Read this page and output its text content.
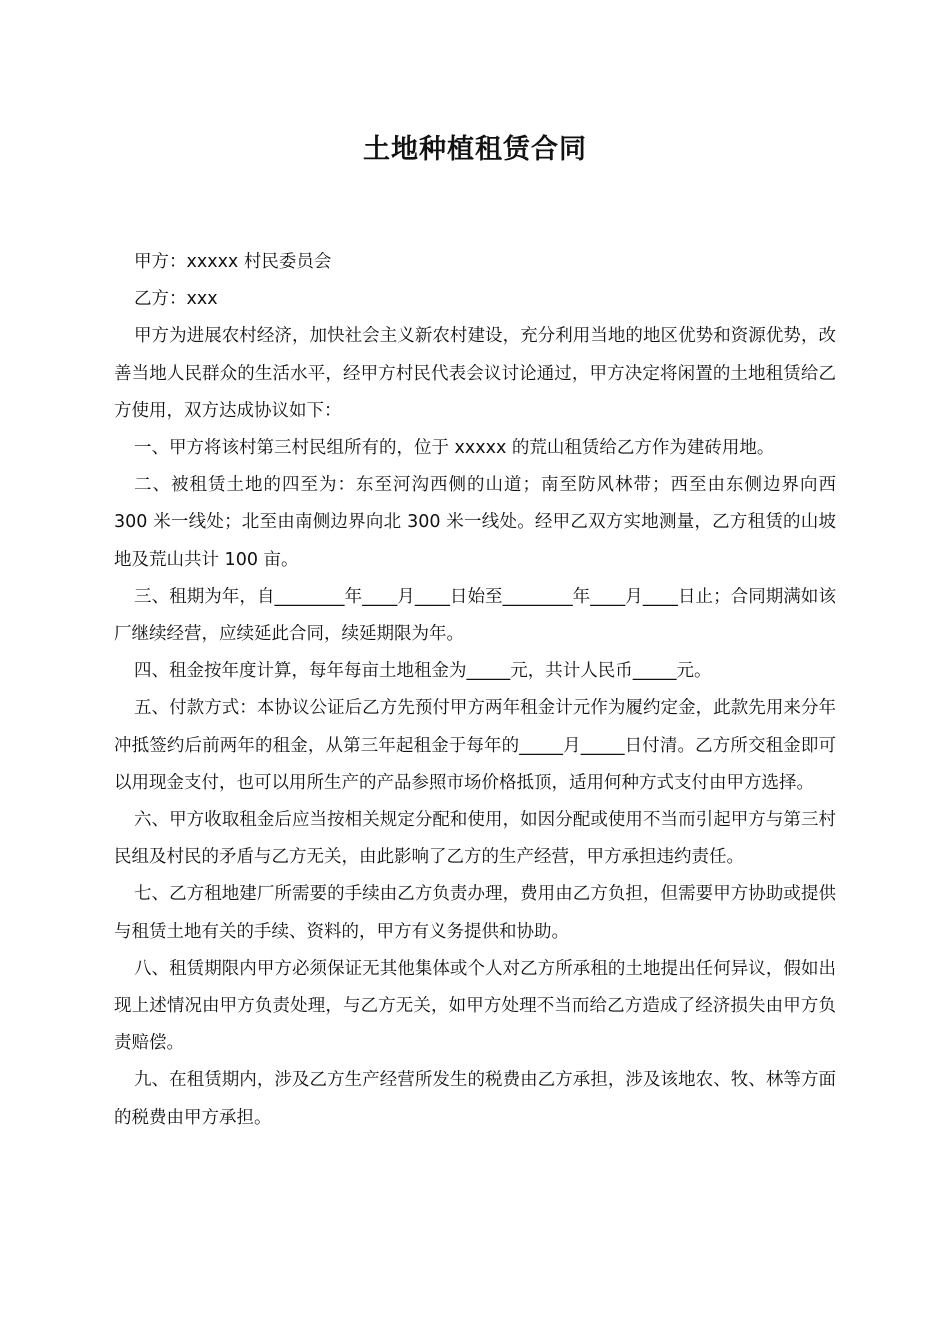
土地种植租赁合同

甲方：xxxxx 村民委员会

乙方：xxx

甲方为进展农村经济，加快社会主义新农村建设，充分利用当地的地区优势和资源优势，改善当地人民群众的生活水平，经甲方村民代表会议讨论通过，甲方决定将闲置的土地租赁给乙方使用，双方达成协议如下：

一、甲方将该村第三村民组所有的，位于 xxxxx 的荒山租赁给乙方作为建砖用地。

二、被租赁土地的四至为：东至河沟西侧的山道；南至防风林带；西至由东侧边界向西 300 米一线处；北至由南侧边界向北 300 米一线处。经甲乙双方实地测量，乙方租赁的山坡地及荒山共计 100 亩。

三、租期为年，自________年____月____日始至________年____月____日止；合同期满如该厂继续经营，应续延此合同，续延期限为年。

四、租金按年度计算，每年每亩土地租金为_____元，共计人民币_____元。

五、付款方式：本协议公证后乙方先预付甲方两年租金计元作为履约定金，此款先用来分年冲抵签约后前两年的租金，从第三年起租金于每年的_____月_____日付清。乙方所交租金即可以用现金支付，也可以用所生产的产品参照市场价格抵顶，适用何种方式支付由甲方选择。

六、甲方收取租金后应当按相关规定分配和使用，如因分配或使用不当而引起甲方与第三村民组及村民的矛盾与乙方无关，由此影响了乙方的生产经营，甲方承担违约责任。

七、乙方租地建厂所需要的手续由乙方负责办理，费用由乙方负担，但需要甲方协助或提供与租赁土地有关的手续、资料的，甲方有义务提供和协助。

八、租赁期限内甲方必须保证无其他集体或个人对乙方所承租的土地提出任何异议，假如出现上述情况由甲方负责处理，与乙方无关，如甲方处理不当而给乙方造成了经济损失由甲方负责赔偿。

九、在租赁期内，涉及乙方生产经营所发生的税费由乙方承担，涉及该地农、牧、林等方面的税费由甲方承担。
